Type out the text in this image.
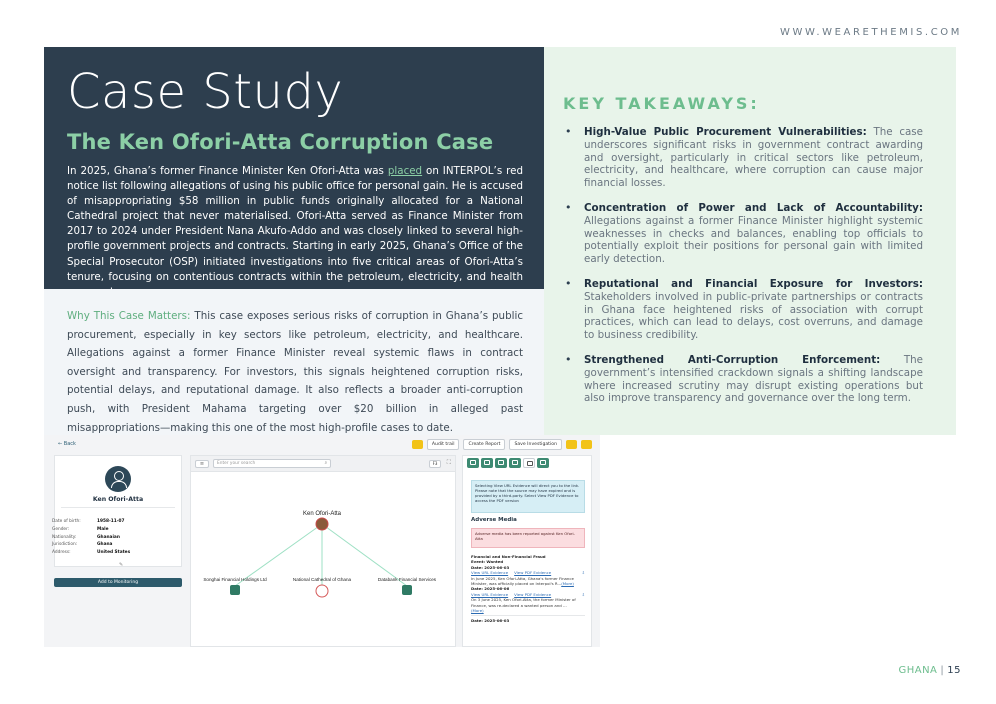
WWW.WEARETHEMIS.COM
Case Study
The Ken Ofori-Atta Corruption Case

In 2025, Ghana’s former Finance Minister Ken Ofori-Atta was placed on INTERPOL’s red notice list following allegations of using his public office for personal gain. He is accused of misappropriating $58 million in public funds originally allocated for a National Cathedral project that never materialised. Ofori-Atta served as Finance Minister from 2017 to 2024 under President Nana Akufo-Addo and was closely linked to several high-profile government projects and contracts. Starting in early 2025, Ghana’s Office of the Special Prosecutor (OSP) initiated investigations into five critical areas of Ofori-Atta’s tenure, focusing on contentious contracts within the petroleum, electricity, and health

Why This Case Matters: This case exposes serious risks of corruption in Ghana’s public procurement, especially in key sectors like petroleum, electricity, and healthcare. Allegations against a former Finance Minister reveal systemic flaws in contract oversight and transparency. For investors, this signals heightened corruption risks, potential delays, and reputational damage. It also reflects a broader anti-corruption push, with President Mahama targeting over $20 billion in alleged past misappropriations—making this one of the most high-profile cases to date.

KEY TAKEAWAYS:
• High-Value Public Procurement Vulnerabilities: The case underscores significant risks in government contract awarding and oversight, particularly in critical sectors like petroleum, electricity, and healthcare, where corruption can cause major financial losses.
• Concentration of Power and Lack of Accountability: Allegations against a former Finance Minister highlight systemic weaknesses in checks and balances, enabling top officials to potentially exploit their positions for personal gain with limited early detection.
• Reputational and Financial Exposure for Investors: Stakeholders involved in public-private partnerships or contracts in Ghana face heightened risks of association with corrupt practices, which can lead to delays, cost overruns, and damage to business credibility.
• Strengthened Anti-Corruption Enforcement: The government’s intensified crackdown signals a shifting landscape where increased scrutiny may disrupt existing operations but also improve transparency and governance over the long term.
← Back	Audit trail	Create Report	Save Investigation
Ken Ofori-Atta
Date of birth:	1958-11-07
Gender:	Male
Nationality:	Ghanaian
Jurisdiction:	Ghana
Address:	United States
✎
Add to Monitoring
≡	Enter your search	⌕	F3	⛶
Ken Ofori-Atta
Songhai Financial Holdings Ltd	National Cathedral of Ghana	Databank Financial Services
Selecting View URL Evidence will direct you to the link. Please note that the source may have expired and is provided by a third-party. Select View PDF Evidence to access the PDF version
Adverse Media
Adverse media has been reported against Ken Ofori-Atta
Financial and Non-Financial Fraud
Event: Wanted
Date: 2025-06-03
View URL Evidence View PDF Evidence	⇩
In June 2025, Ken Ofori-Atta, Ghana's former Finance Minister, was officially placed on Interpol's R...(More)
Date: 2025-06-06
View URL Evidence View PDF Evidence	⇩
On 3 June 2025, Ken Ofori-Atta, the former Minister of Finance, was re-declared a wanted person and ...(More)
Date: 2025-06-03
GHANA | 15
